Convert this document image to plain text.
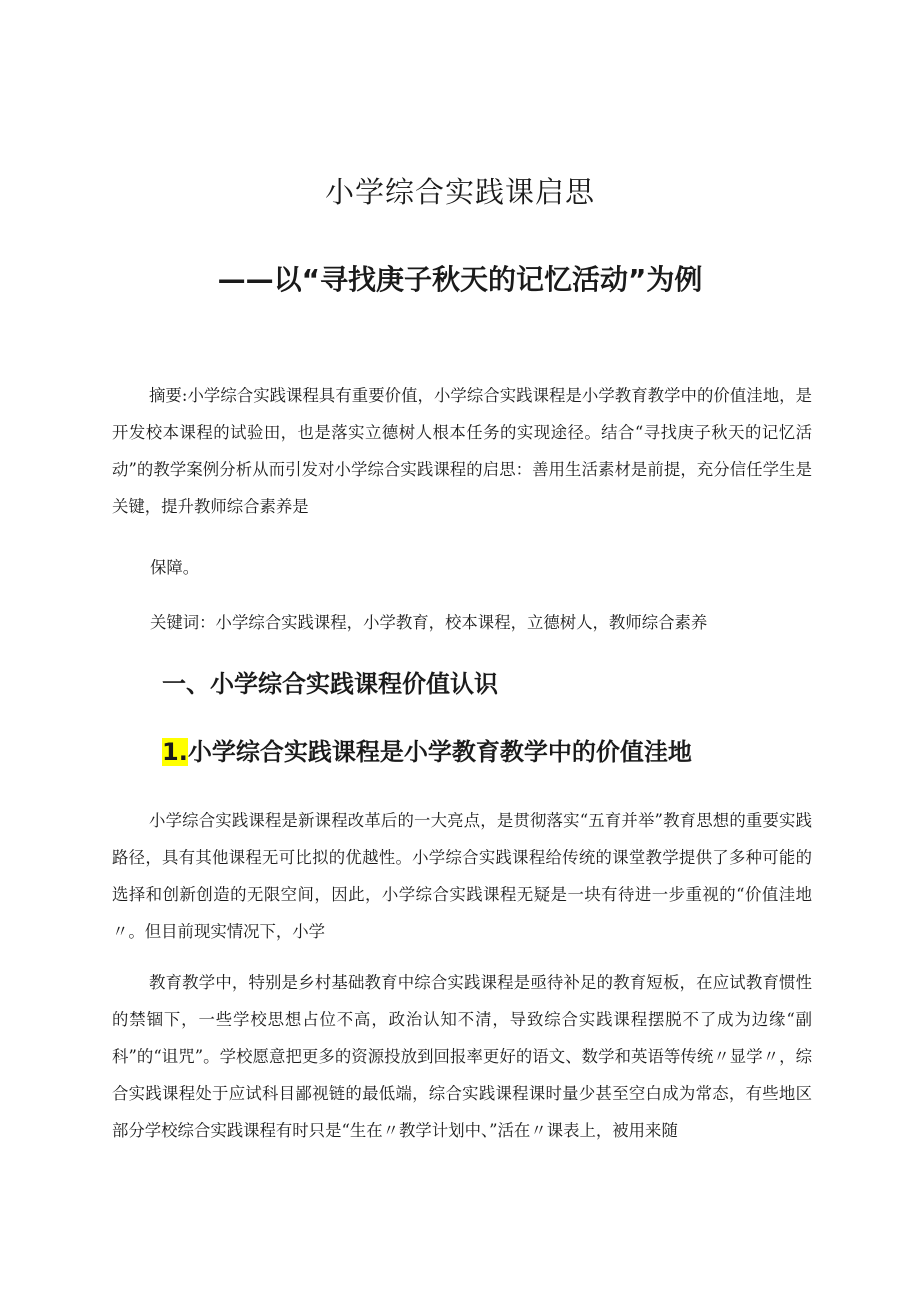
小学综合实践课启思
——以“寻找庚子秋天的记忆活动”为例

摘要:小学综合实践课程具有重要价值，小学综合实践课程是小学教育教学中的价值洼地，是开发校本课程的试验田，也是落实立德树人根本任务的实现途径。结合“寻找庚子秋天的记忆活动”的教学案例分析从而引发对小学综合实践课程的启思：善用生活素材是前提，充分信任学生是关键，提升教师综合素养是

保障。

关键词：小学综合实践课程，小学教育，校本课程，立德树人，教师综合素养

一、小学综合实践课程价值认识
1.小学综合实践课程是小学教育教学中的价值洼地

小学综合实践课程是新课程改革后的一大亮点，是贯彻落实“五育并举”教育思想的重要实践路径，具有其他课程无可比拟的优越性。小学综合实践课程给传统的课堂教学提供了多种可能的选择和创新创造的无限空间，因此，小学综合实践课程无疑是一块有待进一步重视的“价值洼地〃。但目前现实情况下，小学

教育教学中，特别是乡村基础教育中综合实践课程是亟待补足的教育短板，在应试教育惯性的禁锢下，一些学校思想占位不高，政治认知不清，导致综合实践课程摆脱不了成为边缘“副科”的“诅咒”。学校愿意把更多的资源投放到回报率更好的语文、数学和英语等传统〃显学〃，综合实践课程处于应试科目鄙视链的最低端，综合实践课程课时量少甚至空白成为常态，有些地区部分学校综合实践课程有时只是“生在〃教学计划中、”活在〃课表上，被用来随
